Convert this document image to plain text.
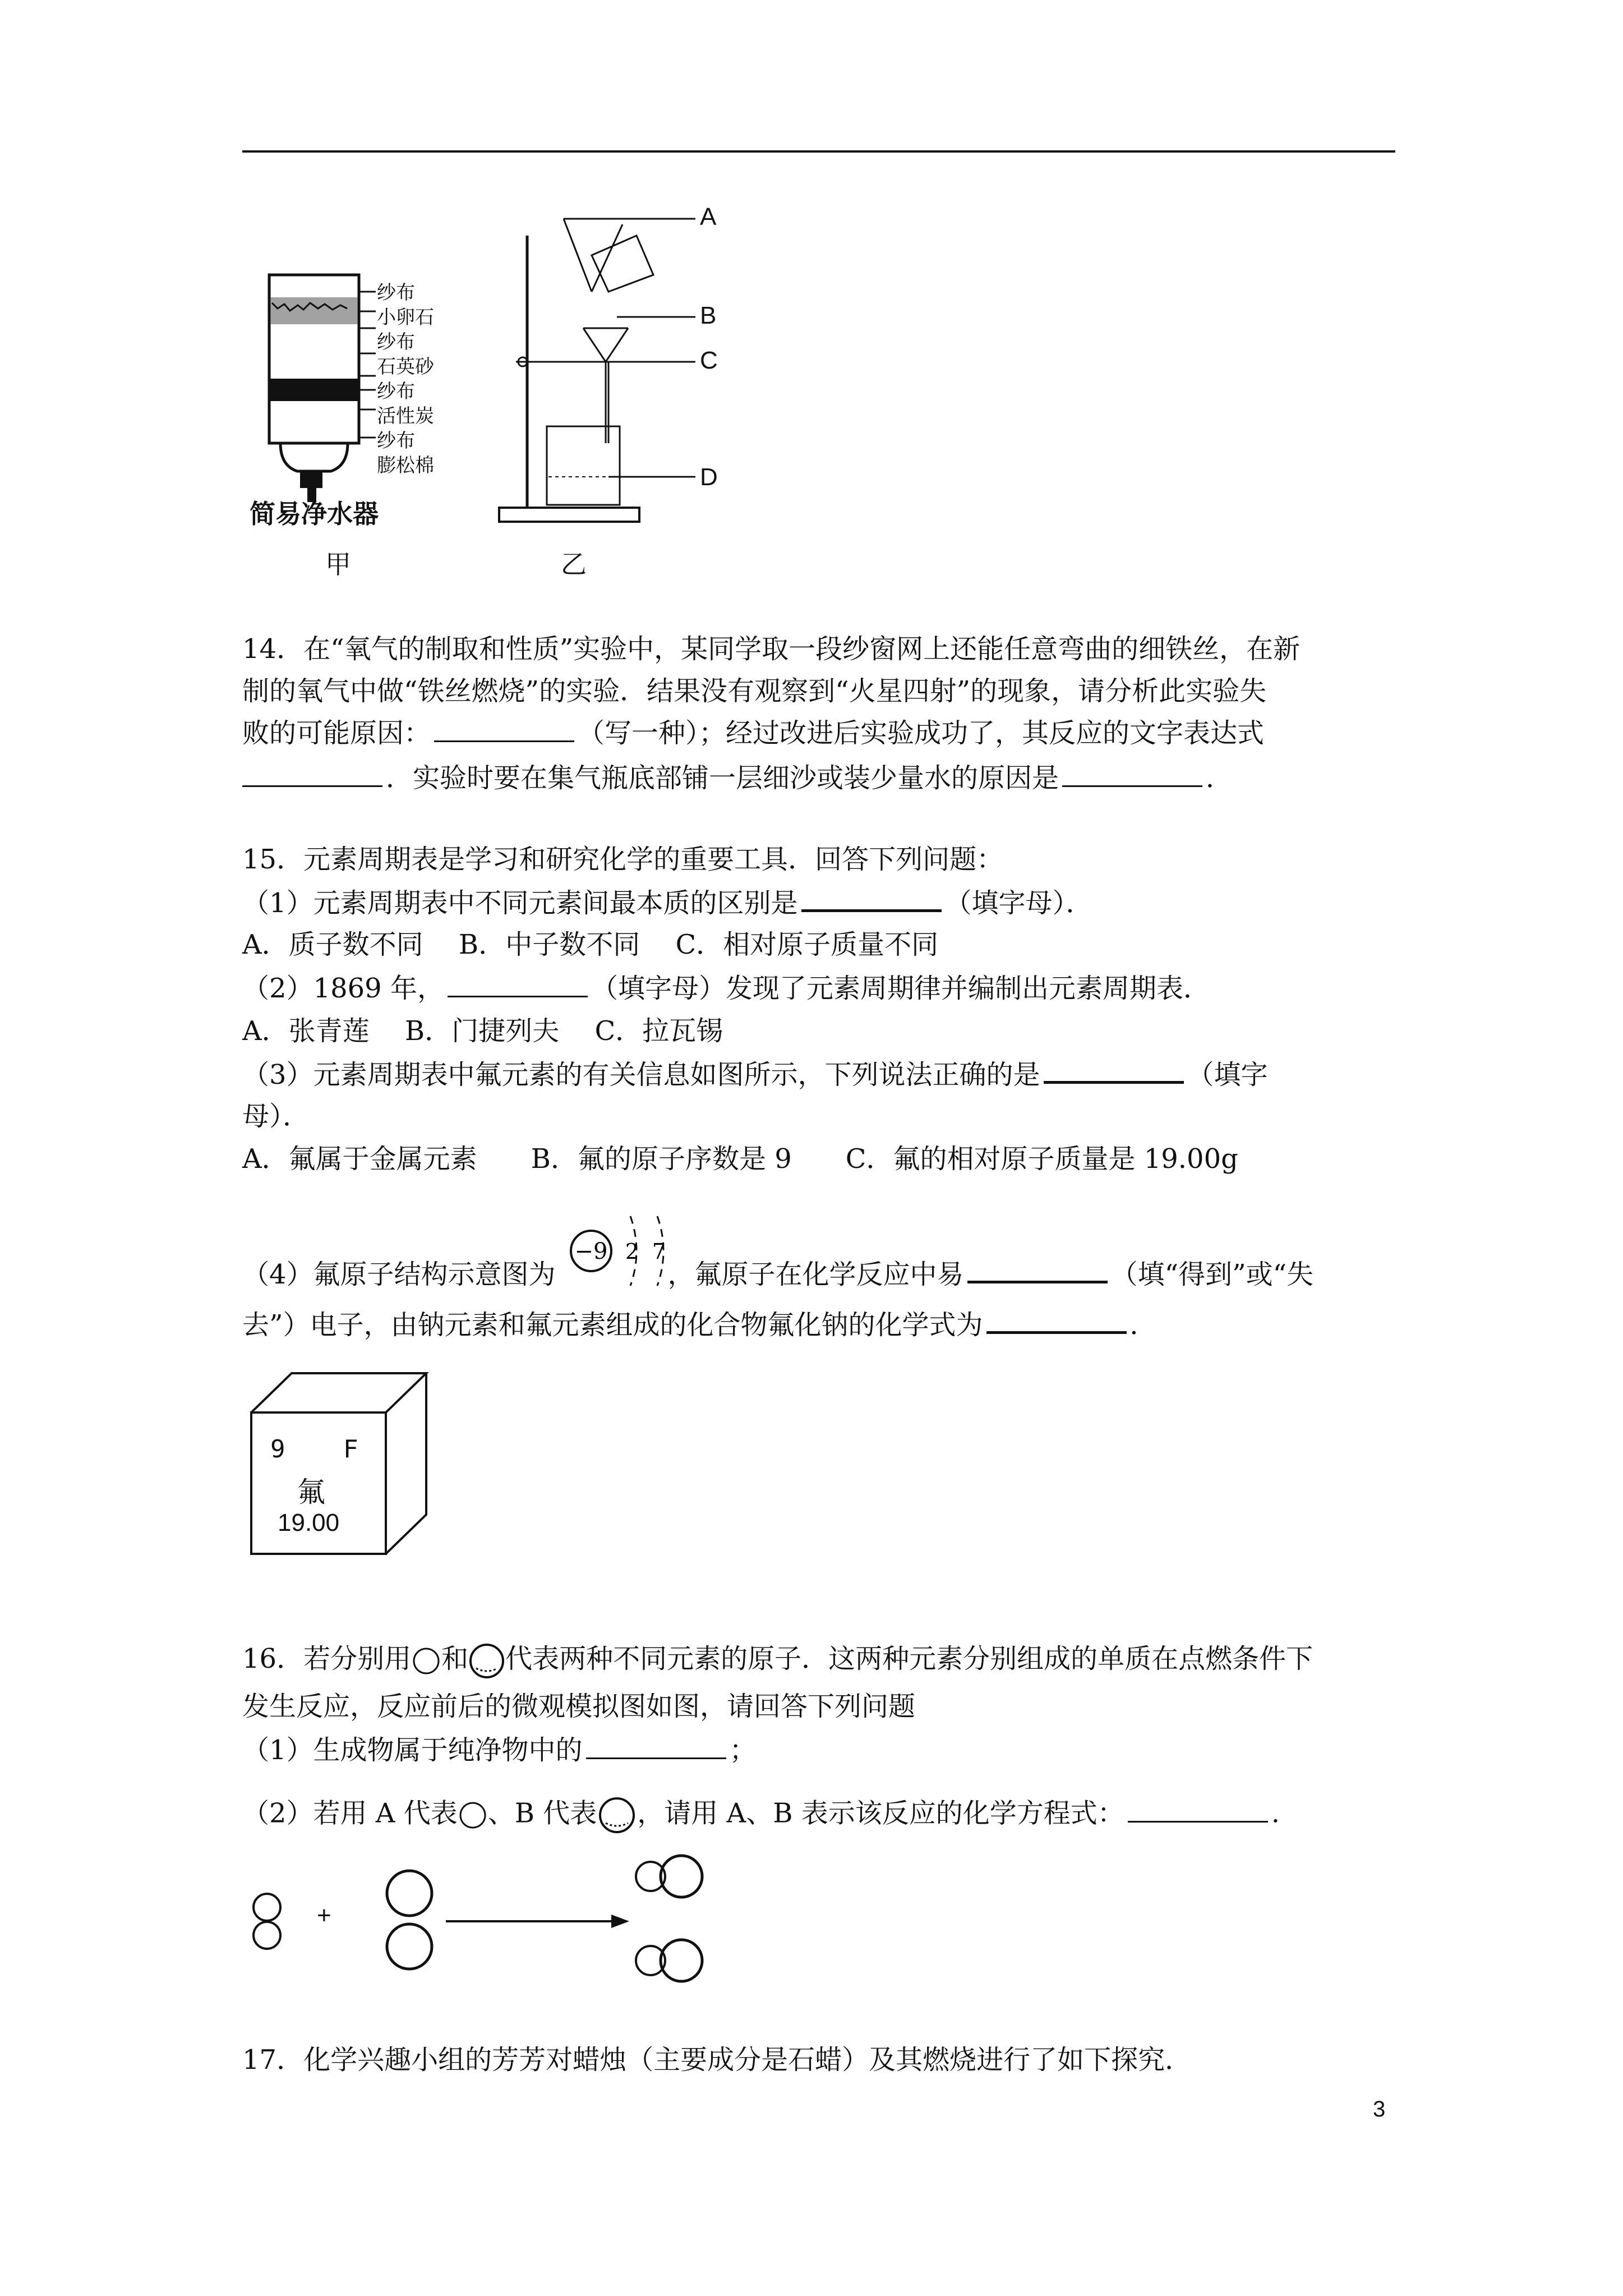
纱布
小卵石
纱布
石英砂
纱布
活性炭
纱布
膨松棉
简易净水器
甲
A
B
C
D
乙
14．在“氧气的制取和性质”实验中，某同学取一段纱窗网上还能任意弯曲的细铁丝，在新
制的氧气中做“铁丝燃烧”的实验．结果没有观察到“火星四射”的现象，请分析此实验失
败的可能原因：	（写一种）；经过改进后实验成功了，其反应的文字表达式
．实验时要在集气瓶底部铺一层细沙或装少量水的原因是	．
15．元素周期表是学习和研究化学的重要工具．回答下列问题：
（1）元素周期表中不同元素间最本质的区别是	（填字母）．
A．质子数不同　 B．中子数不同　 C．相对原子质量不同
（2）1869 年，	（填字母）发现了元素周期律并编制出元素周期表．
A．张青莲　 B．门捷列夫　 C．拉瓦锡
（3）元素周期表中氟元素的有关信息如图所示，下列说法正确的是	（填字
母）．
A．氟属于金属元素　　B．氟的原子序数是 9　　C．氟的相对原子质量是 19.00g
−9 2 7
（4）氟原子结构示意图为	，氟原子在化学反应中易	（填“得到”或“失
去”）电子，由钠元素和氟元素组成的化合物氟化钠的化学式为	．
9 F
氟
19.00
16．若分别用 和 代表两种不同元素的原子．这两种元素分别组成的单质在点燃条件下
发生反应，反应前后的微观模拟图如图，请回答下列问题
（1）生成物属于纯净物中的	；
（2）若用 A 代表 、B 代表 ，请用 A、B 表示该反应的化学方程式：	.
+
17．化学兴趣小组的芳芳对蜡烛（主要成分是石蜡）及其燃烧进行了如下探究．
3
